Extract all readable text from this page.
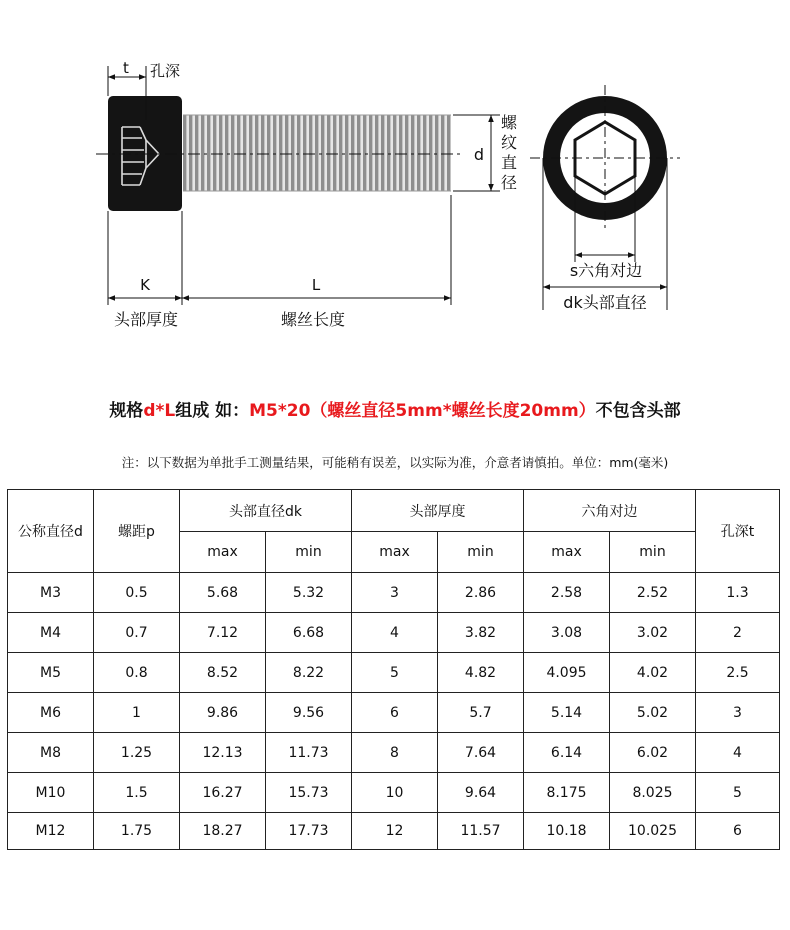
t 孔深
d
螺
纹
直
径
K	L
头部厚度	螺丝长度
s六角对边
dk头部直径
规格d*L组成 如：M5*20（螺丝直径5mm*螺丝长度20mm）不包含头部
注：以下数据为单批手工测量结果，可能稍有误差，以实际为准，介意者请慎拍。单位：mm(毫米)
公称直径d	螺距p	头部直径dk		头部厚度		六角对边		孔深t
		max	min	max	min	max	min	
M3	0.5	5.68	5.32	3	2.86	2.58	2.52	1.3
M4	0.7	7.12	6.68	4	3.82	3.08	3.02	2
M5	0.8	8.52	8.22	5	4.82	4.095	4.02	2.5
M6	1	9.86	9.56	6	5.7	5.14	5.02	3
M8	1.25	12.13	11.73	8	7.64	6.14	6.02	4
M10	1.5	16.27	15.73	10	9.64	8.175	8.025	5
M12	1.75	18.27	17.73	12	11.57	10.18	10.025	6
